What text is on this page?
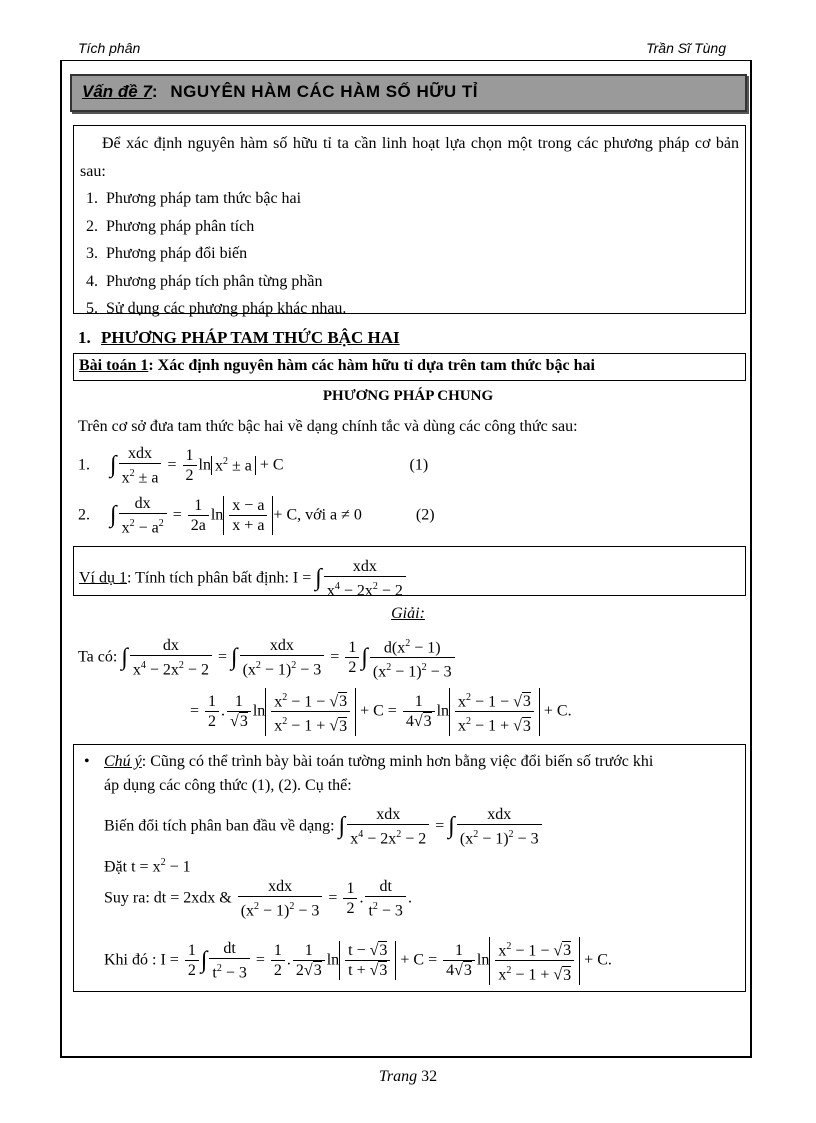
Tích phân	Trần Sĩ Tùng
Vấn đề 7: NGUYÊN HÀM CÁC HÀM SỐ HỮU TỈ

Để xác định nguyên hàm số hữu tỉ ta cần linh hoạt lựa chọn một trong các phương pháp cơ bản sau:

1. Phương pháp tam thức bậc hai
2. Phương pháp phân tích
3. Phương pháp đổi biến
4. Phương pháp tích phân từng phần
5. Sử dụng các phương pháp khác nhau.
1. PHƯƠNG PHÁP TAM THỨC BẬC HAI
Bài toán 1: Xác định nguyên hàm các hàm hữu tỉ dựa trên tam thức bậc hai
PHƯƠNG PHÁP CHUNG
Trên cơ sở đưa tam thức bậc hai về dạng chính tắc và dùng các công thức sau:
1. ∫ $\frac{\text{xdx}}{x^2 \pm a} = \frac{1}{2}$ $\ln x^2 \pm a + C$	(1)
2. ∫ $\frac{dx}{x^2 - a^2} = \frac{1}{2a}$ $\ln \frac{x - a}{x + a} + C$, với a ≠ 0	(2)
Ví dụ 1: Tính tích phân bất định: I = ∫ $\frac{\text{xdx}}{x^4 - 2x^2 - 2}$
Giải:
Ta có: ∫ $\frac{dx}{x^4 - 2x^2 - 2}$ = ∫ $\frac{\text{xdx}}{(x^2 - 1)^2 - 3} = \frac{1}{2}$ ∫ $\frac{d(x^2 - 1)}{(x^2 - 1)^2 - 3}$
= $\frac{1}{2}$ . $\frac{1}{√3}$ $\ln \frac{x^2 - 1 - √3}{x^2 - 1 + √3} + C = \frac{1}{4√3}$ $\ln \frac{x^2 - 1 - √3}{x^2 - 1 + √3} + C$.
• Chú ý: Cũng có thể trình bày bài toán tường minh hơn bằng việc đổi biến số trước khi
áp dụng các công thức (1), (2). Cụ thể:
Biến đổi tích phân ban đầu về dạng: ∫ $\frac{\text{xdx}}{x^4 - 2x^2 - 2}$ = ∫ $\frac{\text{xdx}}{(x^2 - 1)^2 - 3}$
Đặt $t = x^2 - 1$
Suy ra: dt = 2xdx & $\frac{\text{xdx}}{(x^2 - 1)^2 - 3} = \frac{1}{2}$ . $\frac{dt}{t^2 - 3}$ .
Khi đó : $I = \frac{1}{2}$ ∫ $\frac{dt}{t^2 - 3} = \frac{1}{2}$ . $\frac{1}{2√3}$ $\ln \frac{t - √3}{t + √3} + C = \frac{1}{4√3}$ $\ln \frac{x^2 - 1 - √3}{x^2 - 1 + √3} + C$.
Trang 32
